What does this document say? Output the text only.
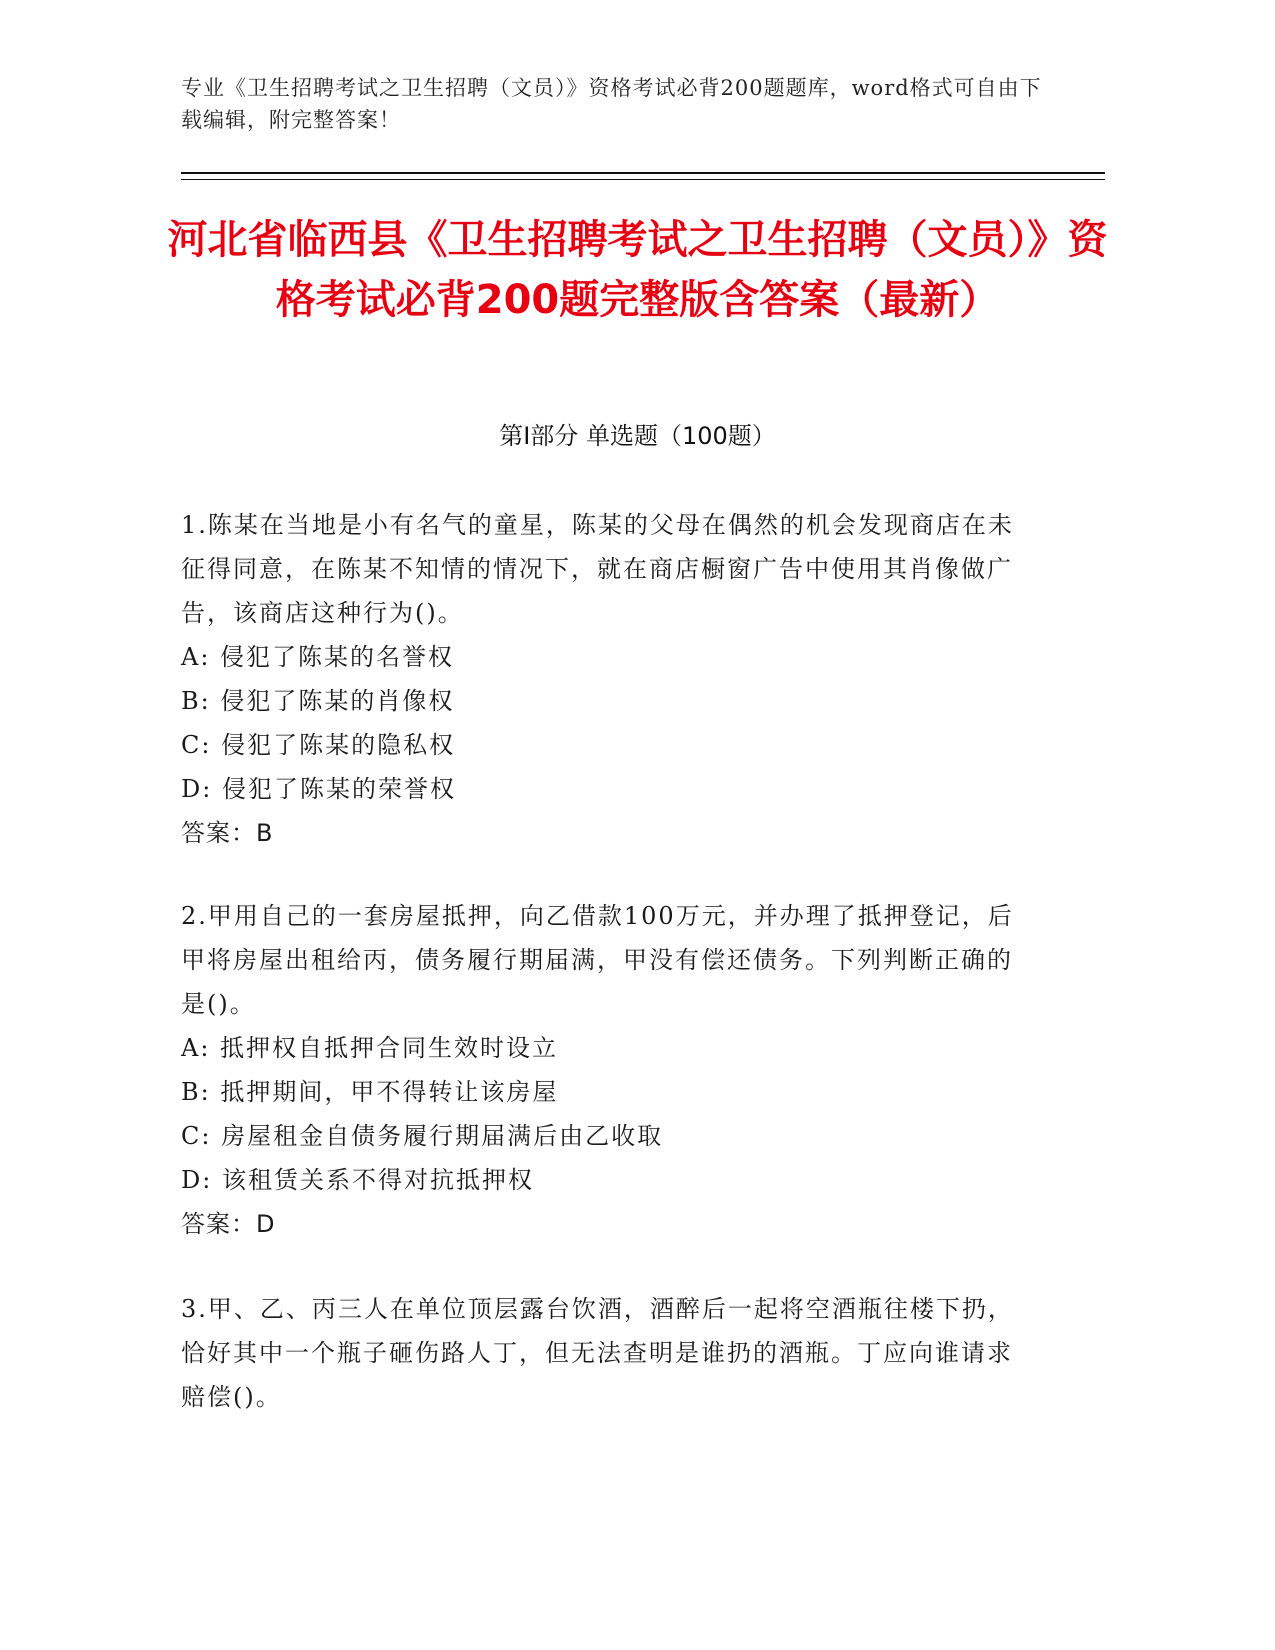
专业《卫生招聘考试之卫生招聘（文员）》资格考试必背200题题库，word格式可自由下载编辑，附完整答案！
河北省临西县《卫生招聘考试之卫生招聘（文员）》资格考试必背200题完整版含答案（最新）
第I部分 单选题（100题）
1.陈某在当地是小有名气的童星，陈某的父母在偶然的机会发现商店在未征得同意，在陈某不知情的情况下，就在商店橱窗广告中使用其肖像做广告，该商店这种行为()。
A: 侵犯了陈某的名誉权
B: 侵犯了陈某的肖像权
C: 侵犯了陈某的隐私权
D: 侵犯了陈某的荣誉权
答案：B
2.甲用自己的一套房屋抵押，向乙借款100万元，并办理了抵押登记，后甲将房屋出租给丙，债务履行期届满，甲没有偿还债务。下列判断正确的是()。
A: 抵押权自抵押合同生效时设立
B: 抵押期间，甲不得转让该房屋
C: 房屋租金自债务履行期届满后由乙收取
D: 该租赁关系不得对抗抵押权
答案：D
3.甲、乙、丙三人在单位顶层露台饮酒，酒醉后一起将空酒瓶往楼下扔，恰好其中一个瓶子砸伤路人丁，但无法查明是谁扔的酒瓶。丁应向谁请求赔偿()。
